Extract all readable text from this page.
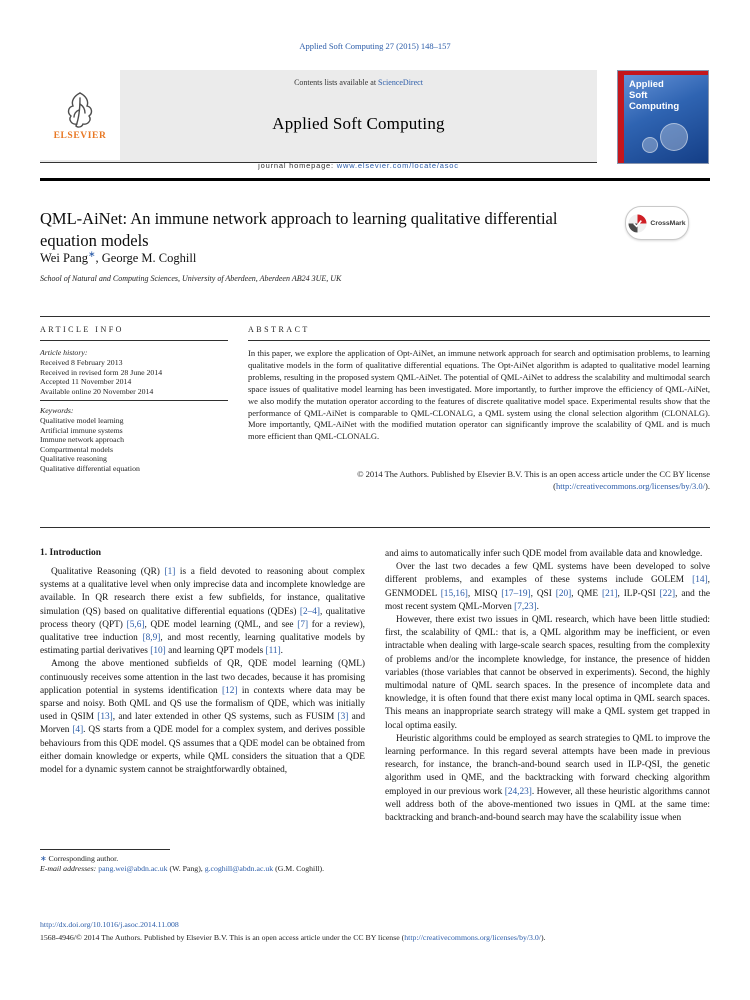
Applied Soft Computing 27 (2015) 148–157
ELSEVIER
Contents lists available at ScienceDirect
Applied Soft Computing
journal homepage: www.elsevier.com/locate/asoc
Applied
Soft
Computing
QML-AiNet: An immune network approach to learning qualitative differential equation models
CrossMark
Wei Pang∗, George M. Coghill
School of Natural and Computing Sciences, University of Aberdeen, Aberdeen AB24 3UE, UK
ARTICLE INFO
Article history:
Received 8 February 2013
Received in revised form 28 June 2014
Accepted 11 November 2014
Available online 20 November 2014
Keywords:
Qualitative model learning
Artificial immune systems
Immune network approach
Compartmental models
Qualitative reasoning
Qualitative differential equation
ABSTRACT
In this paper, we explore the application of Opt-AiNet, an immune network approach for search and optimisation problems, to learning qualitative models in the form of qualitative differential equations. The Opt-AiNet algorithm is adapted to qualitative model learning problems, resulting in the proposed system QML-AiNet. The potential of QML-AiNet to address the scalability and multimodal search space issues of qualitative model learning has been investigated. More importantly, to further improve the efficiency of QML-AiNet, we also modify the mutation operator according to the features of discrete qualitative model space. Experimental results show that the performance of QML-AiNet is comparable to QML-CLONALG, a QML system using the clonal selection algorithm (CLONALG). More importantly, QML-AiNet with the modified mutation operator can significantly improve the scalability of QML and is much more efficient than QML-CLONALG.
© 2014 The Authors. Published by Elsevier B.V. This is an open access article under the CC BY license
(http://creativecommons.org/licenses/by/3.0/).
1. Introduction

Qualitative Reasoning (QR) [1] is a field devoted to reasoning about complex systems at a qualitative level when only imprecise data and incomplete knowledge are available. In QR research there exist a few subfields, for instance, qualitative simulation (QS) based on qualitative differential equations (QDEs) [2–4], qualitative process theory (QPT) [5,6], QDE model learning (QML, and see [7] for a review), qualitative tree induction [8,9], and most recently, learning qualitative models by estimating partial derivatives [10] and learning QPT models [11].

Among the above mentioned subfields of QR, QDE model learning (QML) continuously receives some attention in the last two decades, because it has promising application potential in systems identification [12] in contexts where data may be sparse and noisy. Both QML and QS use the formalism of QDE, which was initially used in QSIM [13], and later extended in other QS systems, such as FUSIM [3] and Morven [4]. QS starts from a QDE model for a complex system, and derives possible behaviours from this QDE model. QS assumes that a QDE model can be obtained from either domain knowledge or experts, while QML considers the situation that a QDE model for a dynamic system cannot be straightforwardly obtained,

and aims to automatically infer such QDE model from available data and knowledge.

Over the last two decades a few QML systems have been developed to solve different problems, and examples of these systems include GOLEM [14], GENMODEL [15,16], MISQ [17–19], QSI [20], QME [21], ILP-QSI [22], and the most recent system QML-Morven [7,23].

However, there exist two issues in QML research, which have been little studied: first, the scalability of QML: that is, a QML algorithm may be inefficient, or even intractable when dealing with large-scale search spaces, resulting from the complexity of problems and/or the incomplete knowledge, for instance, the presence of hidden variables (those variables that cannot be observed in experiments). Second, the highly multimodal nature of QML search spaces. In the presence of incomplete data and knowledge, it is often found that there exist many local optima in QML search spaces. This means an inappropriate search strategy will make a QML system get trapped in local optima easily.

Heuristic algorithms could be employed as search strategies to QML to improve the learning performance. In this regard several attempts have been made in previous research, for instance, the branch-and-bound search used in ILP-QSI, the genetic algorithm used in QME, and the backtracking with forward checking algorithm employed in our previous work [24,23]. However, all these heuristic algorithms cannot well address both of the above-mentioned two issues in QML at the same time: backtracking and branch-and-bound search may have the scalability issue when

∗ Corresponding author.
E-mail addresses: pang.wei@abdn.ac.uk (W. Pang), g.coghill@abdn.ac.uk (G.M. Coghill).
http://dx.doi.org/10.1016/j.asoc.2014.11.008
1568-4946/© 2014 The Authors. Published by Elsevier B.V. This is an open access article under the CC BY license (http://creativecommons.org/licenses/by/3.0/).
